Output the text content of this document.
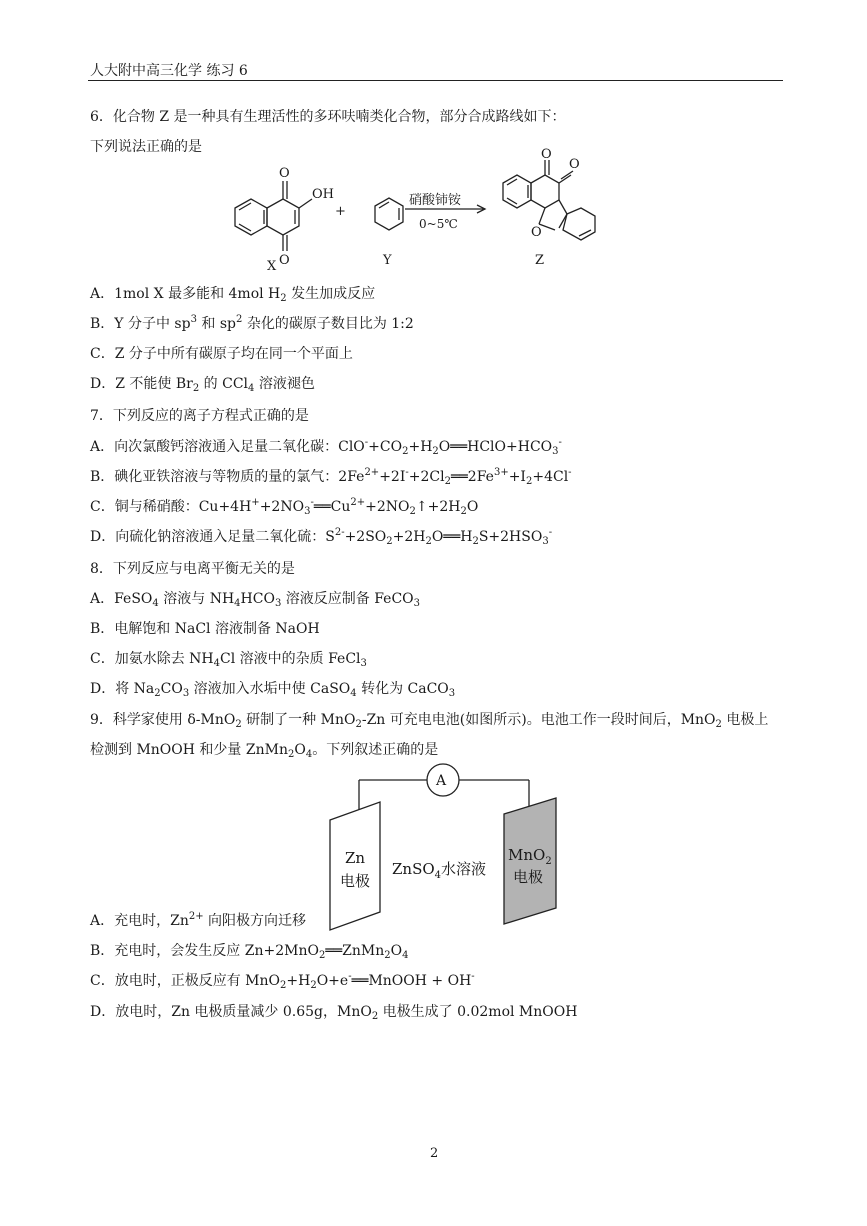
人大附中高三化学 练习 6
6．化合物 Z 是一种具有生理活性的多环呋喃类化合物，部分合成路线如下：
下列说法正确的是
O
OH
O
X
+
Y
硝酸铈铵
0~5℃
O
O
O
Z
A．1mol X 最多能和 4mol $H_2$ 发生加成反应
B．Y 分子中 $sp^3$ 和 $sp^2$ 杂化的碳原子数目比为 1:2
C．Z 分子中所有碳原子均在同一个平面上
D．Z 不能使 $Br_2$ 的 CCl$_4$ 溶液褪色
7．下列反应的离子方程式正确的是
A．向次氯酸钙溶液通入足量二氧化碳：$ClO^-+CO_2+H_2O══HClO+HCO_3^-$
B．碘化亚铁溶液与等物质的量的氯气：$2Fe^{2+}+2I^-+2Cl_2══2Fe^{3+}+I_2+4Cl^-$
C．铜与稀硝酸：$Cu+4H^++2NO_3^-══Cu^{2+}+2NO_2↑+2H_2O$
D．向硫化钠溶液通入足量二氧化硫：$S^{2-}+2SO_2+2H_2O══H_2S+2HSO_3^-$
8．下列反应与电离平衡无关的是
A．FeSO$_4$ 溶液与 $NH_4HCO_3$ 溶液反应制备 FeCO$_3$
B．电解饱和 NaCl 溶液制备 NaOH
C．加氨水除去 $NH_4Cl$ 溶液中的杂质 FeCl$_3$
D．将 $Na_2CO_3$ 溶液加入水垢中使 CaSO$_4$ 转化为 CaCO$_3$
9．科学家使用 δ-MnO$_2$ 研制了一种 MnO$_2$-Zn 可充电电池(如图所示)。电池工作一段时间后，MnO$_2$ 电极上
检测到 MnOOH 和少量 $ZnMn_2O_4$。下列叙述正确的是
A
Zn
电极
ZnSO$_4$水溶液
MnO$_2$
电极
A．充电时，$Zn^{2+}$ 向阳极方向迁移
B．充电时，会发生反应 $Zn+2MnO_2══ZnMn_2O_4$
C．放电时，正极反应有 $MnO_2+H_2O+e^-══MnOOH + OH^-$
D．放电时，Zn 电极质量减少 0.65g，MnO$_2$ 电极生成了 0.02mol MnOOH
2
